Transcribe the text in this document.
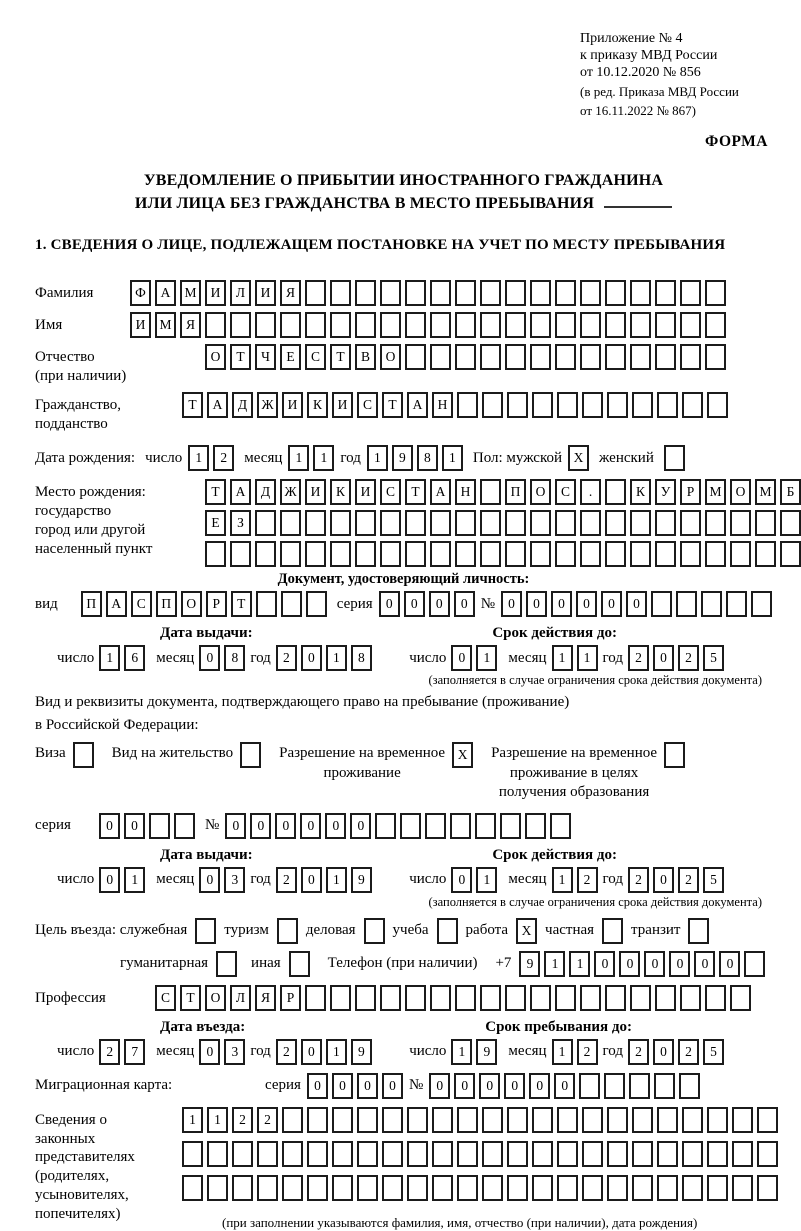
Приложение № 4
к приказу МВД России
от 10.12.2020 № 856
(в ред. Приказа МВД России
от 16.11.2022 № 867)
ФОРМА
УВЕДОМЛЕНИЕ О ПРИБЫТИИ ИНОСТРАННОГО ГРАЖДАНИНА
ИЛИ ЛИЦА БЕЗ ГРАЖДАНСТВА В МЕСТО ПРЕБЫВАНИЯ
1. СВЕДЕНИЯ О ЛИЦЕ, ПОДЛЕЖАЩЕМ ПОСТАНОВКЕ НА УЧЕТ ПО МЕСТУ ПРЕБЫВАНИЯ
Фамилия	Ф	А	М	И	Л	И	Я
Имя	И	М	Я
Отчество
(при наличии)
О	Т	Ч	Е	С	Т	В	О
Гражданство,
подданство
Т	А	Д	Ж	И	К	И	С	Т	А	Н
Дата рождения: число 1	2	месяц 1	1 год 1	9	8	1	Пол: мужской X	женский
Место рождения:
государство
город или другой
населенный пункт
Т	А	Д	Ж	И	К	И	С	Т	А	Н	П	О	С	.	К	У	Р	М	О	М	Б
Е	З
Документ, удостоверяющий личность:
вид	П	А	С	П	О	Р	Т	серия 0	0	0	0 № 0	0	0	0	0	0
Дата выдачи:	Срок действия до:
число 1	6	месяц 0	8 год 2	0	1	8	число 0	1	месяц 1	1 год 2	0	2	5
(заполняется в случае ограничения срока действия документа)
Вид и реквизиты документа, подтверждающего право на пребывание (проживание)
в Российской Федерации:
Виза	Вид на жительство	Разрешение на временное
проживание
X	Разрешение на временное
проживание в целях
получения образования
серия	0	0	№ 0	0	0	0	0	0
Дата выдачи:	Срок действия до:
число 0	1	месяц 0	3 год 2	0	1	9	число 0	1	месяц 1	2 год 2	0	2	5
(заполняется в случае ограничения срока действия документа)
Цель въезда: служебная туризм деловая учеба работа	X частная транзит
гуманитарная	иная	Телефон (при наличии) +7	9	1	1	0	0	0	0	0	0
Профессия	С	Т	О	Л	Я	Р
Дата въезда:	Срок пребывания до:
число 2	7	месяц 0	3 год 2	0	1	9	число 1	9	месяц 1	2 год 2	0	2	5
Миграционная карта:	серия 0	0	0	0 № 0	0	0	0	0	0
Сведения о
законных
представителях
(родителях,
усыновителях,
попечителях)
1	1	2	2
(при заполнении указываются фамилия, имя, отчество (при наличии), дата рождения)
